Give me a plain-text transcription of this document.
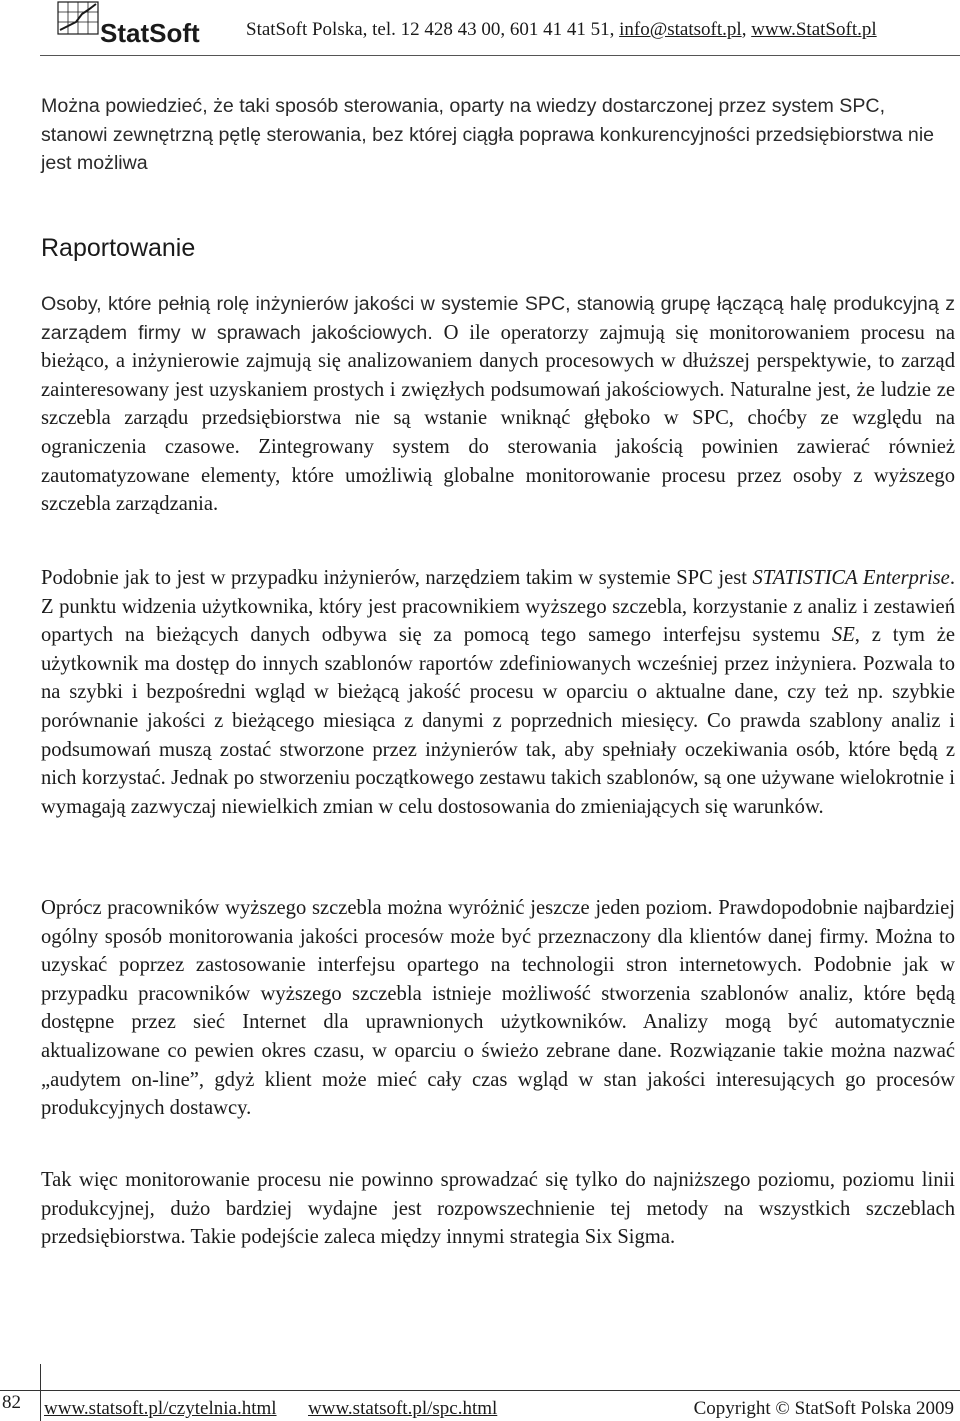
StatSoft StatSoft Polska, tel. 12 428 43 00, 601 41 41 51, info@statsoft.pl, www.StatSoft.pl

Można powiedzieć, że taki sposób sterowania, oparty na wiedzy dostarczonej przez system SPC, stanowi zewnętrzną pętlę sterowania, bez której ciągła poprawa konkurencyjności przedsiębiorstwa nie jest możliwa

Raportowanie

Osoby, które pełnią rolę inżynierów jakości w systemie SPC, stanowią grupę łączącą halę produkcyjną z zarządem firmy w sprawach jakościowych. O ile operatorzy zajmują się monitorowaniem procesu na bieżąco, a inżynierowie zajmują się analizowaniem danych procesowych w dłuższej perspektywie, to zarząd zainteresowany jest uzyskaniem prostych i zwięzłych podsumowań jakościowych. Naturalne jest, że ludzie ze szczebla zarządu przedsiębiorstwa nie są wstanie wniknąć głęboko w SPC, choćby ze względu na ograniczenia czasowe. Zintegrowany system do sterowania jakością powinien zawierać również zautomatyzowane elementy, które umożliwią globalne monitorowanie procesu przez osoby z wyższego szczebla zarządzania.

Podobnie jak to jest w przypadku inżynierów, narzędziem takim w systemie SPC jest STATISTICA Enterprise. Z punktu widzenia użytkownika, który jest pracownikiem wyższego szczebla, korzystanie z analiz i zestawień opartych na bieżących danych odbywa się za pomocą tego samego interfejsu systemu SE, z tym że użytkownik ma dostęp do innych szablonów raportów zdefiniowanych wcześniej przez inżyniera. Pozwala to na szybki i bezpośredni wgląd w bieżącą jakość procesu w oparciu o aktualne dane, czy też np. szybkie porównanie jakości z bieżącego miesiąca z danymi z poprzednich miesięcy. Co prawda szablony analiz i podsumowań muszą zostać stworzone przez inżynierów tak, aby spełniały oczekiwania osób, które będą z nich korzystać. Jednak po stworzeniu początkowego zestawu takich szablonów, są one używane wielokrotnie i wymagają zazwyczaj niewielkich zmian w celu dostosowania do zmieniających się warunków.

Oprócz pracowników wyższego szczebla można wyróżnić jeszcze jeden poziom. Prawdopodobnie najbardziej ogólny sposób monitorowania jakości procesów może być przeznaczony dla klientów danej firmy. Można to uzyskać poprzez zastosowanie interfejsu opartego na technologii stron internetowych. Podobnie jak w przypadku pracowników wyższego szczebla istnieje możliwość stworzenia szablonów analiz, które będą dostępne przez sieć Internet dla uprawnionych użytkowników. Analizy mogą być automatycznie aktualizowane co pewien okres czasu, w oparciu o świeżo zebrane dane. Rozwiązanie takie można nazwać „audytem on-line”, gdyż klient może mieć cały czas wgląd w stan jakości interesujących go procesów produkcyjnych dostawcy.

Tak więc monitorowanie procesu nie powinno sprowadzać się tylko do najniższego poziomu, poziomu linii produkcyjnej, dużo bardziej wydajne jest rozpowszechnienie tej metody na wszystkich szczeblach przedsiębiorstwa. Takie podejście zaleca między innymi strategia Six Sigma.

82 www.statsoft.pl/czytelnia.html www.statsoft.pl/spc.html	Copyright © StatSoft Polska 2009
